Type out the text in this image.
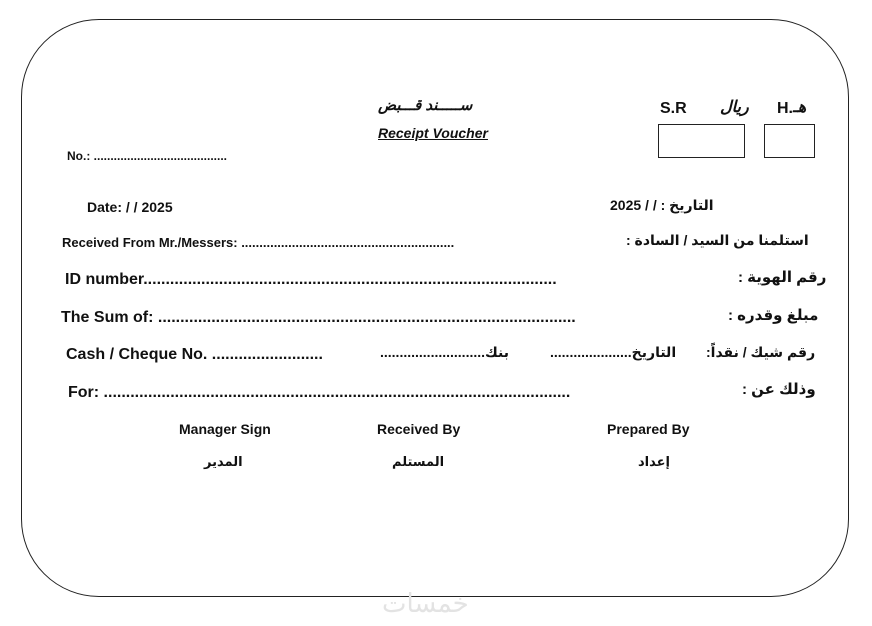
ســـــند قـــبض
Receipt Voucher
No.: ........................................
S.R ريال H. هـ
Date: / / 2025	التاريخ : / / 2025
Received From Mr./Messers: ...........................................................	استلمنا من السيد / السادة :
ID number.............................................................................................	رقم الهوية :
The Sum of: ..............................................................................................	مبلغ وقدره :
Cash / Cheque No. .........................	بنك...........................	التاريخ..................... رقم شيك / نقداً:
For: .........................................................................................................	وذلك عن :
Manager Sign	Received By	Prepared By
المدير	المستلم	إعداد
خمسات
